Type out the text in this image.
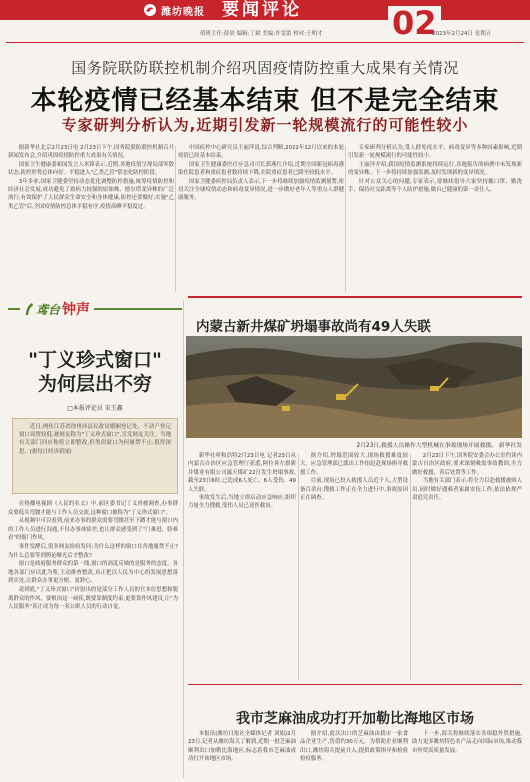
潍坊晚报 要闻评论	02
值班主任:薛晨 编辑:丁斌 美编:许雯蕾 校对:王明才	2023年2月24日 星期五
国务院联防联控机制介绍巩固疫情防控重大成果有关情况
本轮疫情已经基本结束 但不是完全结束
专家研判分析认为,近期引发新一轮规模流行的可能性较小

据新华社北京2月23日电 2月23日下午,国务院联防联控机制召开新闻发布会,介绍巩固疫情防控重大成果有关情况。

国家卫生健康委新闻发言人米锋表示,近期,各地疫情呈现局部零散状态,防控形势总体向好。平稳进入"乙类乙管"常态化防控阶段。

3年多来,国家卫健委坚持动态优化调整防控措施,统筹疫情防控和经济社会发展,成功避免了致病力较强的原始株、德尔塔变异株的广泛流行,有效保护了人民群众生命安全和身体健康,防控还要做好,实施"乙类乙管"后,全国疫情防控总体平稳有序,疫情高峰平稳度过。

中国疾控中心研究员王丽萍说,综合判断,2022年12月以来的本轮疫情已经基本结束。

国家卫生健康委医疗应急司司长郭燕红介绍,近期全国新冠病毒感染住院患者和重症患者数持续下降,在院重症患者已降至较低水平。

国家卫健委疾控局负责人表示,下一步将继续加强疫情监测预警,密切关注全球疫情动态和病毒变异情况,进一步做好老年人等重点人群健康服务。

专家研判分析认为,受人群免疫水平、病毒变异等多种因素影响,近期引发新一轮规模流行的可能性较小。

王丽萍介绍,我国疫情监测系统持续运行,各地报告的病例中未发现新的变异株。下一步将持续加强监测,及时发现新的变异情况。

针对公众关心的问题,专家表示,要继续倡导大家坚持戴口罩、勤洗手、保持社交距离等个人防护措施,做自己健康的第一责任人。

鸢台 钟声
"丁义珍式窗口"
为何层出不穷
□本报评论员 宋玉鑫

近日,网传江苏省徐州沛县民政局婚姻登记处、不动产登记窗口设置较低,被网友称为"丁义珍式窗口",引发网友关注。当地有关部门回应称将立即整改,但类似窗口为何屡禁不止,值得深思。(据每日经济新闻)

在热播电视剧《人民的名义》中,前区委书记丁义珍被调查,办事群众要低头弯腰才能与工作人员交流,这种窗口被称为"丁义珍式窗口"。

从视频中可以看到,前来办事的群众需要弯腰甚至下蹲才能与窗口内的工作人员进行沟通,不仅办事体验差,也让群众感受到了"门难进、脸难看"的衙门作风。

事件发酵后,很多网友纷纷发问:为什么这样的窗口在各地屡禁不止?为什么总要等到舆论曝光后才整改?

窗口是政府服务群众的第一线,窗口的高度反映的是服务的态度。各地各部门应以此为鉴,主动排查整改,真正把以人民为中心的发展思想落到实处,让群众办事更方便、更舒心。

说到底,"丁义珍式窗口"折射出的是部分工作人员的官本位思想和脱离群众的作风。要根治这一顽疾,既要靠制度约束,更要靠作风建设,让"为人民服务"真正成为每一名公职人员的行动自觉。

内蒙古新井煤矿坍塌事故尚有49人失联
2月23日,救援人员操作大型机械在事故现场开展救援。 新华社发

新华社呼和浩特2月23日电 记者23日从内蒙古自治区应急管理厅获悉,阿拉善左旗新井煤业有限公司露天煤矿22日发生坍塌事故,截至23日6时,已造成6人死亡、6人受伤、49人失联。

事故发生后,当地立即启动应急响应,组织力量全力搜救,受伤人员已送医救治。

据介绍,坍塌范围较大,现场救援难度较大。应急管理部已派出工作组赶赴现场指导救援工作。

目前,现场已投入救援人员近千人,大型设备百余台,搜救工作正在全力进行中,事故原因正在调查。

2月23日下午,国务院安委会办公室约谈内蒙古自治区政府,要求深刻吸取事故教训,全力做好救援、善后处置等工作。

当地有关部门表示,将全力以赴救援被困人员,同时做好遇难者家属安抚工作,依法依规严肃追究责任。

我市芝麻油成功打开加勒比海地区市场

本报讯(潍坊日报社全媒体记者 刘娟)2月23日,记者从潍坊海关了解到,近期一批芝麻油顺利出口加勒比海地区,标志着我市芝麻油成功打开该地区市场。

据介绍,此次出口的芝麻油由我市一家食品企业生产,货值约30万元。为帮助企业顺利出口,潍坊海关提前介入,提供政策指导和检验检疫服务。

下一步,海关将继续落实各项稳外贸措施,助力更多潍坊特色农产品走向国际市场,推动我市外贸高质量发展。
